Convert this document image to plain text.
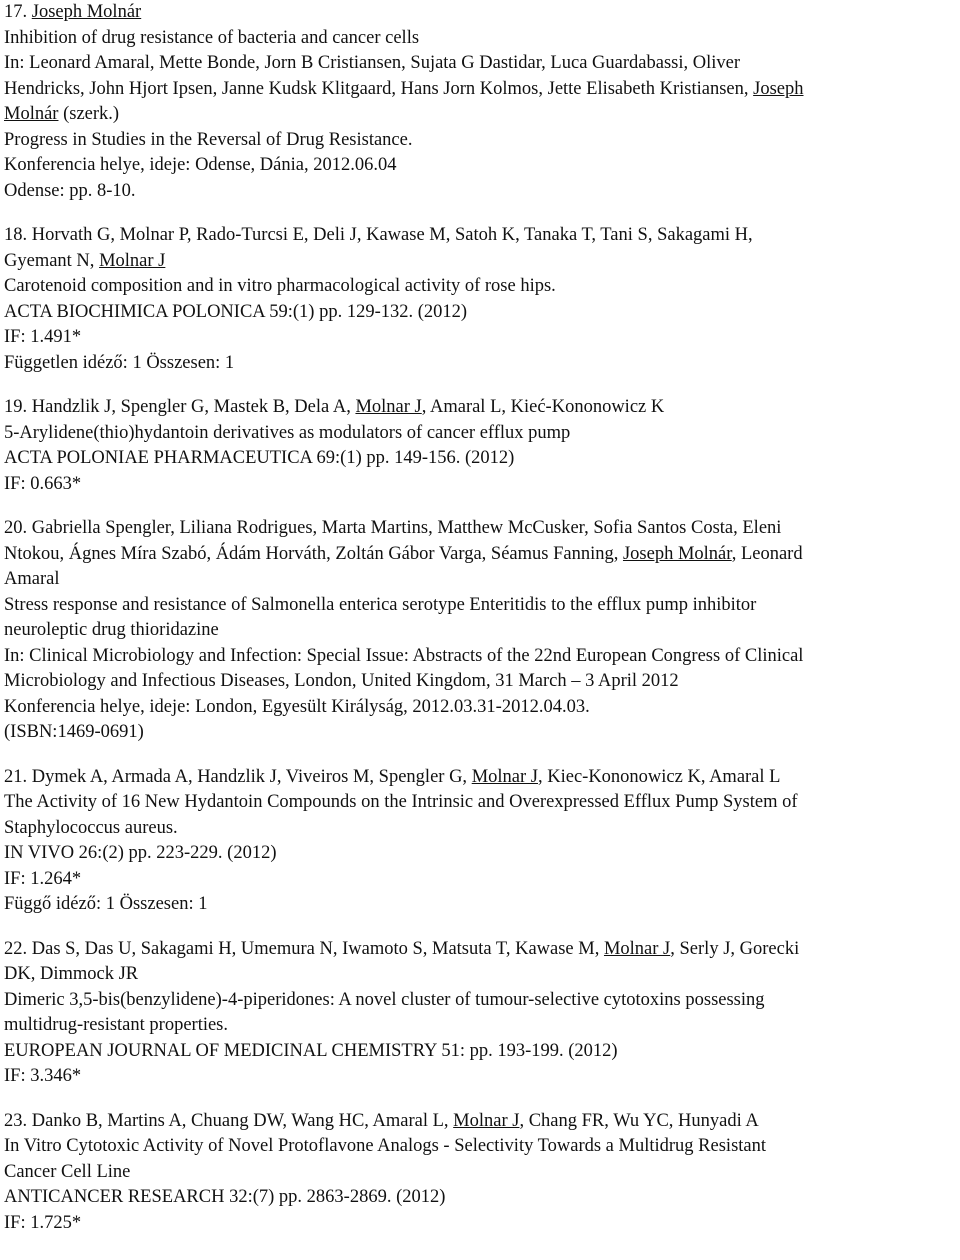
17. Joseph Molnár
Inhibition of drug resistance of bacteria and cancer cells
In: Leonard Amaral, Mette Bonde, Jorn B Cristiansen, Sujata G Dastidar, Luca Guardabassi, Oliver
Hendricks, John Hjort Ipsen, Janne Kudsk Klitgaard, Hans Jorn Kolmos, Jette Elisabeth Kristiansen, Joseph
Molnár (szerk.)
Progress in Studies in the Reversal of Drug Resistance.
Konferencia helye, ideje: Odense, Dánia, 2012.06.04
Odense: pp. 8-10.
18. Horvath G, Molnar P, Rado-Turcsi E, Deli J, Kawase M, Satoh K, Tanaka T, Tani S, Sakagami H,
Gyemant N, Molnar J
Carotenoid composition and in vitro pharmacological activity of rose hips.
ACTA BIOCHIMICA POLONICA 59:(1) pp. 129-132. (2012)
IF: 1.491*
Független idéző: 1 Összesen: 1
19. Handzlik J, Spengler G, Mastek B, Dela A, Molnar J, Amaral L, Kieć-Kononowicz K
5-Arylidene(thio)hydantoin derivatives as modulators of cancer efflux pump
ACTA POLONIAE PHARMACEUTICA 69:(1) pp. 149-156. (2012)
IF: 0.663*
20. Gabriella Spengler, Liliana Rodrigues, Marta Martins, Matthew McCusker, Sofia Santos Costa, Eleni
Ntokou, Ágnes Míra Szabó, Ádám Horváth, Zoltán Gábor Varga, Séamus Fanning, Joseph Molnár, Leonard
Amaral
Stress response and resistance of Salmonella enterica serotype Enteritidis to the efflux pump inhibitor
neuroleptic drug thioridazine
In: Clinical Microbiology and Infection: Special Issue: Abstracts of the 22nd European Congress of Clinical
Microbiology and Infectious Diseases, London, United Kingdom, 31 March – 3 April 2012
Konferencia helye, ideje: London, Egyesült Királyság, 2012.03.31-2012.04.03.
(ISBN:1469-0691)
21. Dymek A, Armada A, Handzlik J, Viveiros M, Spengler G, Molnar J, Kiec-Kononowicz K, Amaral L
The Activity of 16 New Hydantoin Compounds on the Intrinsic and Overexpressed Efflux Pump System of
Staphylococcus aureus.
IN VIVO 26:(2) pp. 223-229. (2012)
IF: 1.264*
Függő idéző: 1 Összesen: 1
22. Das S, Das U, Sakagami H, Umemura N, Iwamoto S, Matsuta T, Kawase M, Molnar J, Serly J, Gorecki
DK, Dimmock JR
Dimeric 3,5-bis(benzylidene)-4-piperidones: A novel cluster of tumour-selective cytotoxins possessing
multidrug-resistant properties.
EUROPEAN JOURNAL OF MEDICINAL CHEMISTRY 51: pp. 193-199. (2012)
IF: 3.346*
23. Danko B, Martins A, Chuang DW, Wang HC, Amaral L, Molnar J, Chang FR, Wu YC, Hunyadi A
In Vitro Cytotoxic Activity of Novel Protoflavone Analogs - Selectivity Towards a Multidrug Resistant
Cancer Cell Line
ANTICANCER RESEARCH 32:(7) pp. 2863-2869. (2012)
IF: 1.725*
